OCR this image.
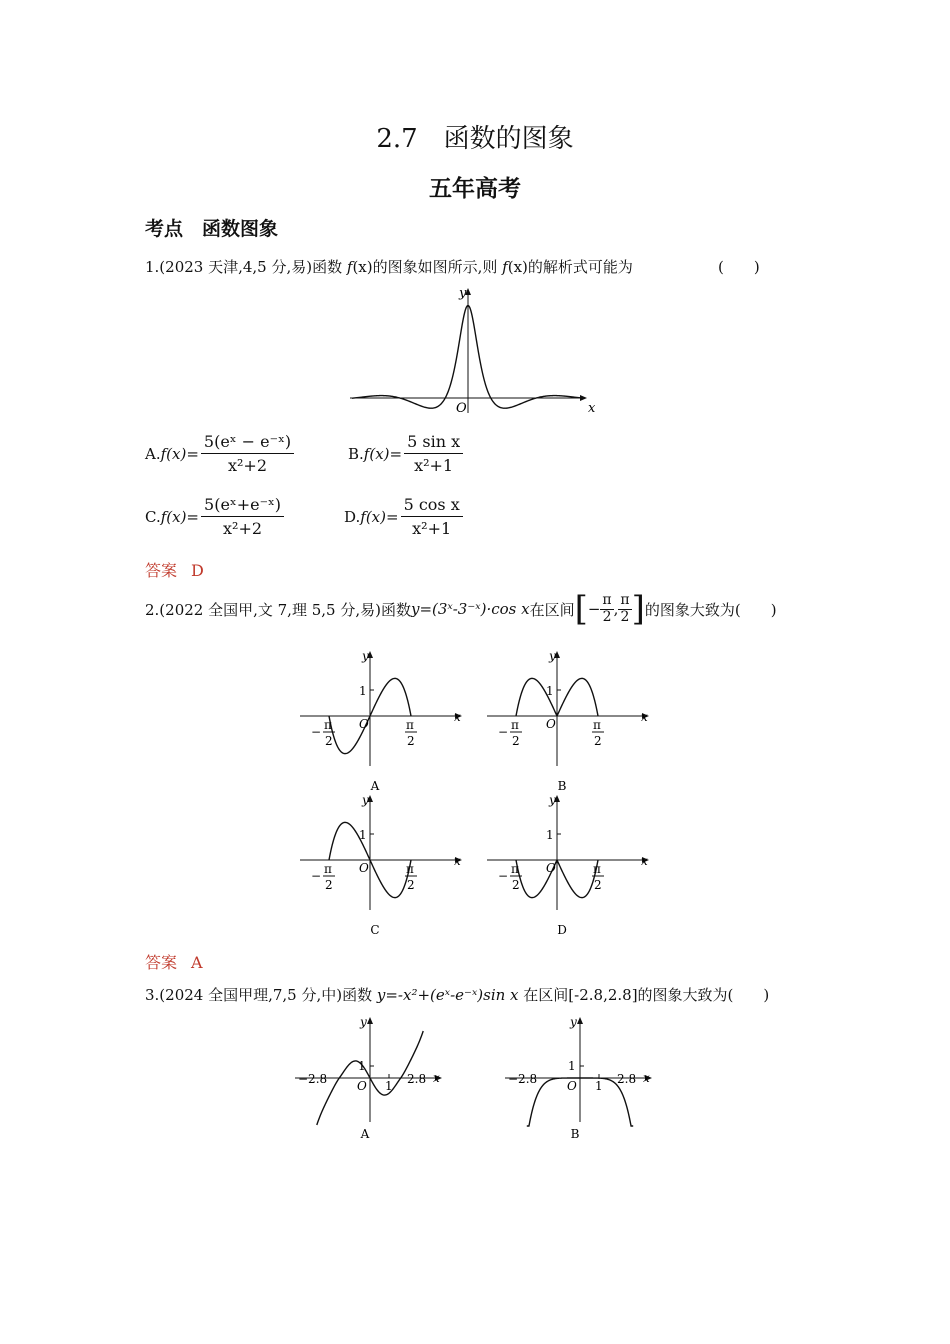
2.7　函数的图象
五年高考
考点　函数图象
1.(2023 天津,4,5 分,易)函数 f(x)的图象如图所示,则 f(x)的解析式可能为	(　　)
y
x
O
A. $f(x)= \frac{\text{5(eˣ − e⁻ˣ)}}{\text{x²+2}}$	B. $f(x)= \frac{\text{5 sin x}}{\text{x²+1}}$
C. $f(x)= \frac{\text{5(eˣ+e⁻ˣ)}}{\text{x²+2}}$	D. $f(x)= \frac{\text{5 cos x}}{\text{x²+1}}$
答案 D
2.(2022 全国甲,文 7,理 5,5 分,易)函数 y=(3ˣ-3⁻ˣ)·cos x 在区间 [ − $\frac{\pi}{2}$ , π
2 ] 的图象大致为( 　　)
y
x
O
1
π
2
− π
2
A
y
x
O
1
π
2
− π
2
B
y
x
O
1
π
2
− π
2
C
y
x
O
1
π
2
− π
2
D
答案 A
3.(2024 全国甲理,7,5 分,中)函数 y=-x²+(eˣ-e⁻ˣ)sin x 在区间[-2.8,2.8]的图象大致为(　　)
y
x
O
1
1
−2.8	2.8
A
y
x
O
1
1
−2.8	2.8
B
